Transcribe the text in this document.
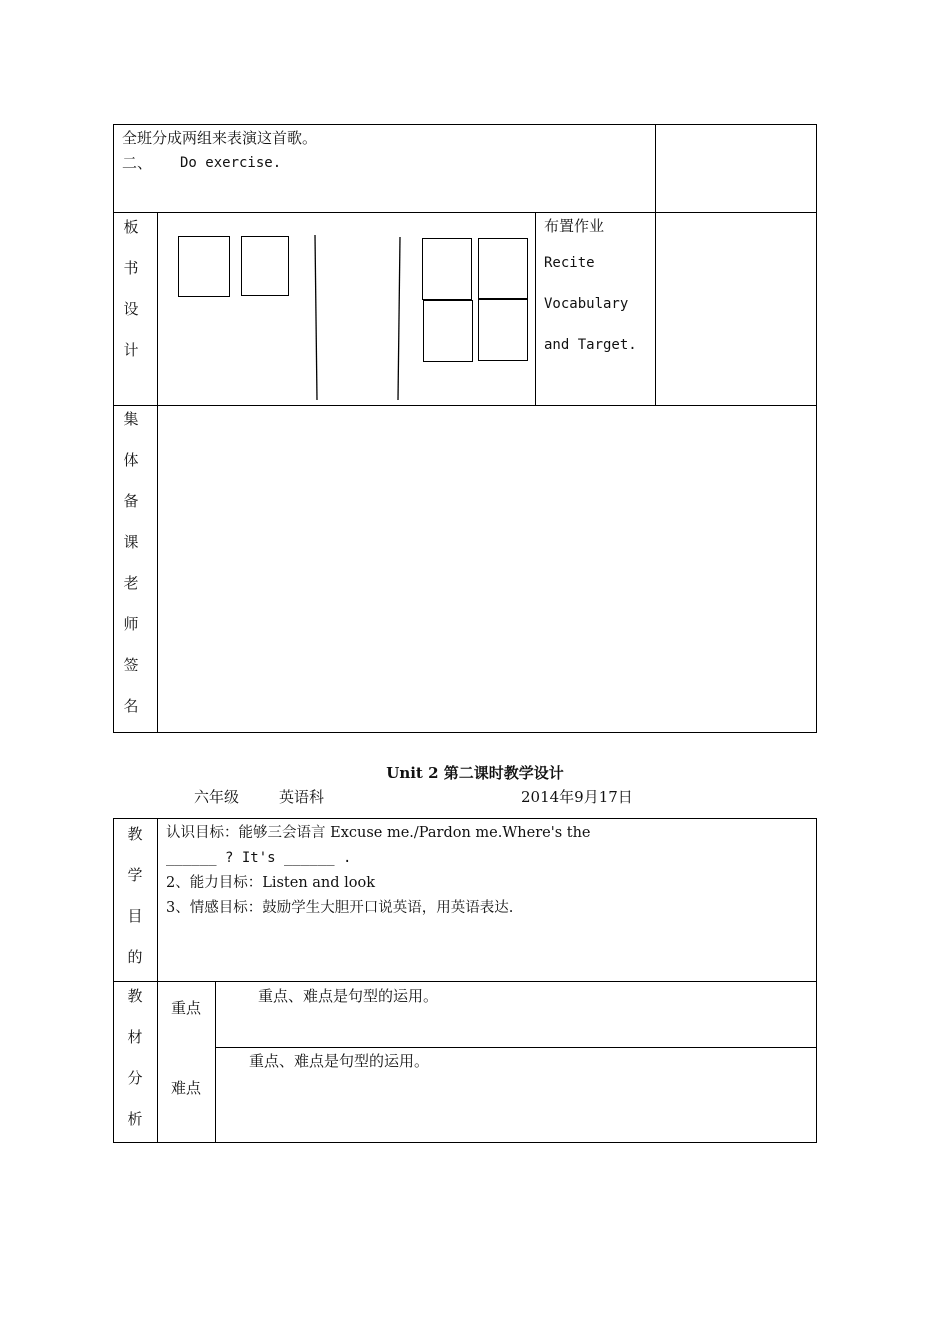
全班分成两组来表演这首歌。
二、 Do exercise.
板
书
设
计
布置作业
Recite
Vocabulary
and Target.
集
体
备
课
老
师
签
名
Unit 2 第二课时教学设计
六年级	英语科	2014年9月17日
教
学
目
的
认识目标：能够三会语言 Excuse me./Pardon me.Where's the
______ ? It's ______ .
2、能力目标：Listen and look
3、情感目标：鼓励学生大胆开口说英语，用英语表达.
教
材
分
析
重点
重点、难点是句型的运用。
难点
重点、难点是句型的运用。
